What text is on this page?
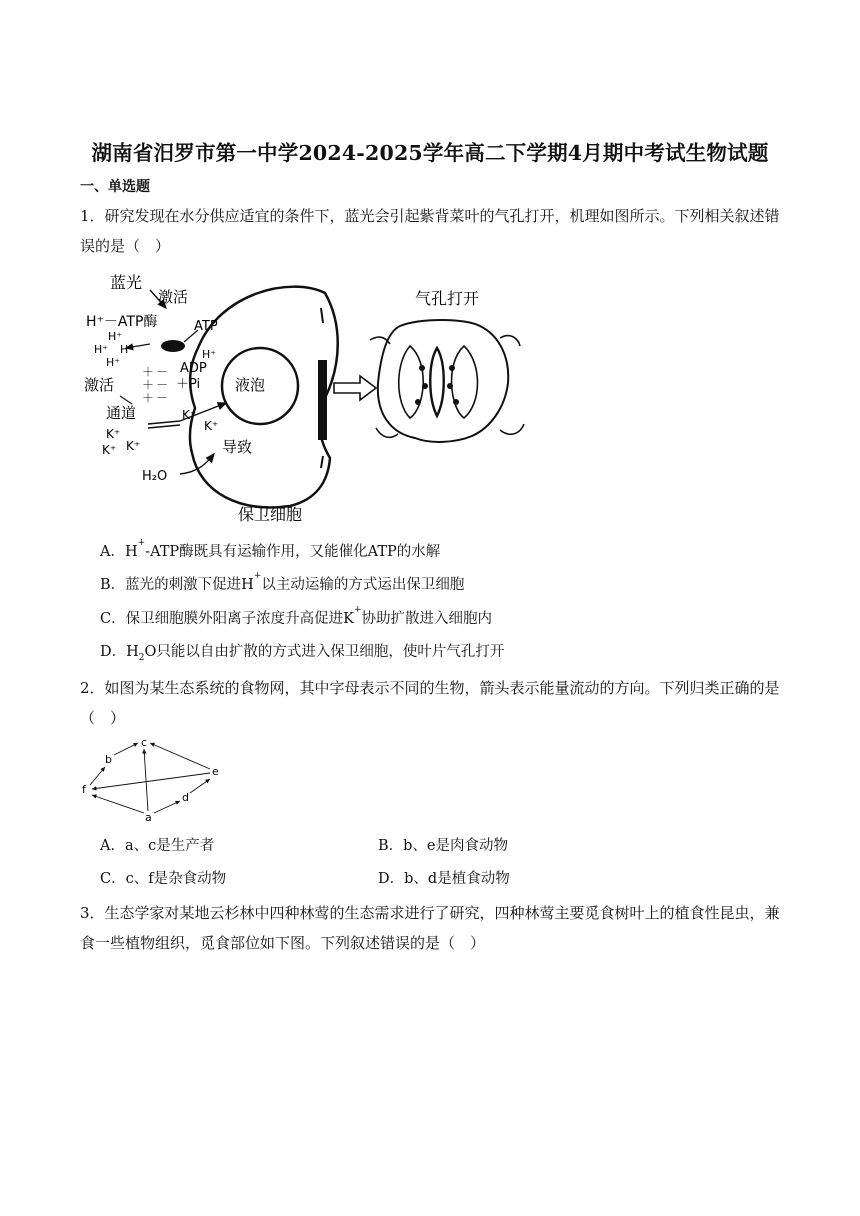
湖南省汨罗市第一中学2024-2025学年高二下学期4月期中考试生物试题
一、单选题
1．研究发现在水分供应适宜的条件下，蓝光会引起紫背菜叶的气孔打开，机理如图所示。下列相关叙述错误的是（　）
液泡
蓝光
激活
H⁺－ATP酶
H⁺
H⁺ H⁺
H⁺
ATP
H⁺
ADP
＋Pi
＋
＋
＋
－
－
－
激活
通道	K⁺
K⁺
K⁺
K⁺ K⁺	导致
H₂O
保卫细胞
气孔打开
A．H+-ATP酶既具有运输作用，又能催化ATP的水解
B．蓝光的刺激下促进H+以主动运输的方式运出保卫细胞
C．保卫细胞膜外阳离子浓度升高促进K+协助扩散进入细胞内
D．$H_2O$只能以自由扩散的方式进入保卫细胞，使叶片气孔打开
2．如图为某生态系统的食物网，其中字母表示不同的生物，箭头表示能量流动的方向。下列归类正确的是（　）
c
b
e
f
d
a
A．a、c是生产者	B．b、e是肉食动物
C．c、f是杂食动物	D．b、d是植食动物
3．生态学家对某地云杉林中四种林莺的生态需求进行了研究，四种林莺主要觅食树叶上的植食性昆虫，兼食一些植物组织，觅食部位如下图。下列叙述错误的是（　）
